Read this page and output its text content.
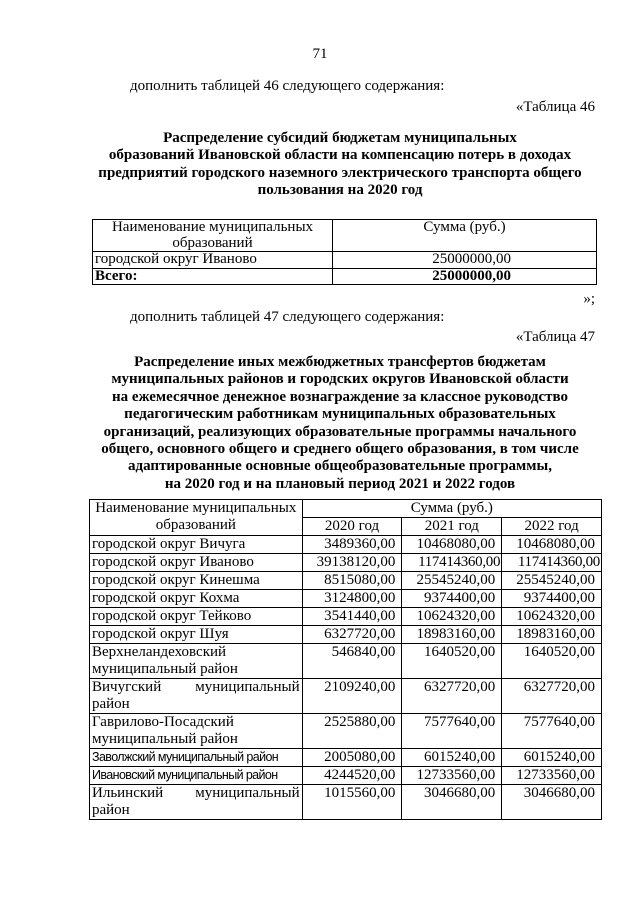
71
дополнить таблицей 46 следующего содержания:
«Таблица 46
Распределение субсидий бюджетам муниципальных
образований Ивановской области на компенсацию потерь в доходах
предприятий городского наземного электрического транспорта общего
пользования на 2020 год
Наименование муниципальных образований	Сумма (руб.)
городской округ Иваново	25000000,00
Всего:	25000000,00
»;
дополнить таблицей 47 следующего содержания:
«Таблица 47
Распределение иных межбюджетных трансфертов бюджетам
муниципальных районов и городских округов Ивановской области
на ежемесячное денежное вознаграждение за классное руководство
педагогическим работникам муниципальных образовательных
организаций, реализующих образовательные программы начального
общего, основного общего и среднего общего образования, в том числе
адаптированные основные общеобразовательные программы,
на 2020 год и на плановый период 2021 и 2022 годов
Наименование муниципальных образований	Сумма (руб.)		
	2020 год	2021 год	2022 год
городской округ Вичуга	3489360,00	10468080,00	10468080,00
городской округ Иваново	39138120,00	117414360,00	117414360,00
городской округ Кинешма	8515080,00	25545240,00	25545240,00
городской округ Кохма	3124800,00	9374400,00	9374400,00
городской округ Тейково	3541440,00	10624320,00	10624320,00
городской округ Шуя	6327720,00	18983160,00	18983160,00
Верхнеландеховский муниципальный район	546840,00	1640520,00	1640520,00
Вичугский муниципальный район	2109240,00	6327720,00	6327720,00
Гаврилово-Посадский муниципальный район	2525880,00	7577640,00	7577640,00
Заволжский муниципальный район	2005080,00	6015240,00	6015240,00
Ивановский муниципальный район	4244520,00	12733560,00	12733560,00
Ильинский муниципальный район	1015560,00	3046680,00	3046680,00
